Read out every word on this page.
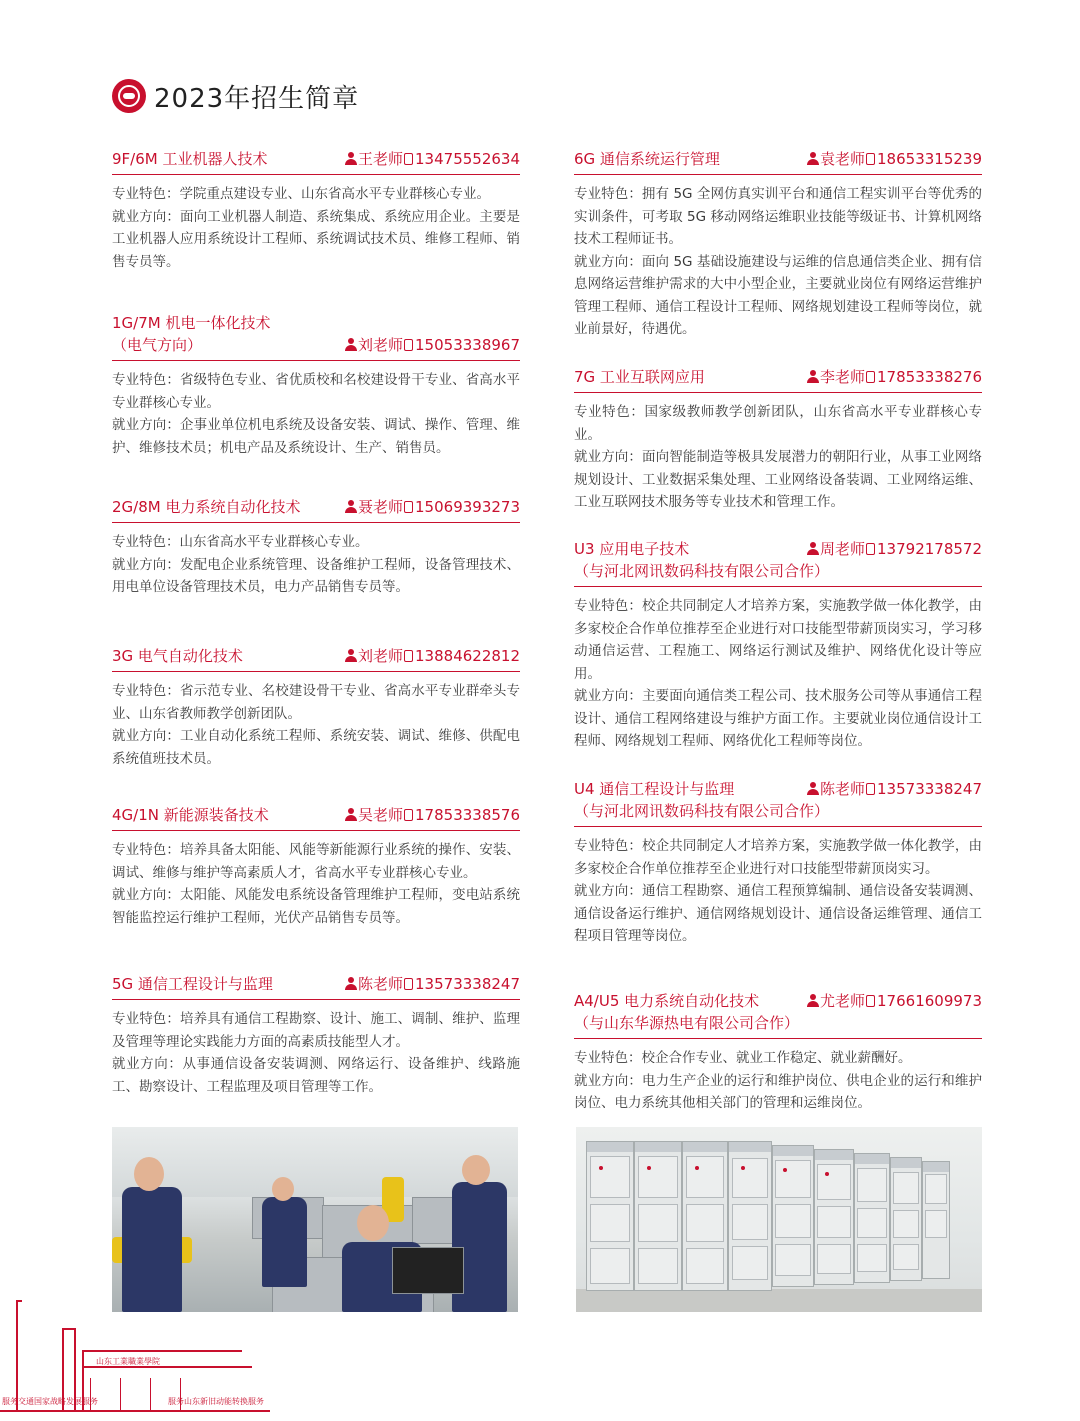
2023年招生简章
9F/6M 工业机器人技术	王老师 13475552634

专业特色：学院重点建设专业、山东省高水平专业群核心专业。

就业方向：面向工业机器人制造、系统集成、系统应用企业。主要是工业机器人应用系统设计工程师、系统调试技术员、维修工程师、销售专员等。

1G/7M 机电一体化技术
（电气方向）	刘老师 15053338967

专业特色：省级特色专业、省优质校和名校建设骨干专业、省高水平专业群核心专业。

就业方向：企事业单位机电系统及设备安装、调试、操作、管理、维护、维修技术员；机电产品及系统设计、生产、销售员。

2G/8M 电力系统自动化技术	聂老师 15069393273

专业特色：山东省高水平专业群核心专业。

就业方向：发配电企业系统管理、设备维护工程师，设备管理技术、用电单位设备管理技术员，电力产品销售专员等。

3G 电气自动化技术	刘老师 13884622812

专业特色：省示范专业、名校建设骨干专业、省高水平专业群牵头专业、山东省教师教学创新团队。

就业方向：工业自动化系统工程师、系统安装、调试、维修、供配电系统值班技术员。

4G/1N 新能源装备技术	吴老师 17853338576

专业特色：培养具备太阳能、风能等新能源行业系统的操作、安装、调试、维修与维护等高素质人才，省高水平专业群核心专业。

就业方向：太阳能、风能发电系统设备管理维护工程师，变电站系统智能监控运行维护工程师，光伏产品销售专员等。

5G 通信工程设计与监理	陈老师 13573338247

专业特色：培养具有通信工程勘察、设计、施工、调制、维护、监理及管理等理论实践能力方面的高素质技能型人才。

就业方向：从事通信设备安装调测、网络运行、设备维护、线路施工、勘察设计、工程监理及项目管理等工作。

6G 通信系统运行管理	袁老师 18653315239

专业特色：拥有 5G 全网仿真实训平台和通信工程实训平台等优秀的实训条件，可考取 5G 移动网络运维职业技能等级证书、计算机网络技术工程师证书。

就业方向：面向 5G 基础设施建设与运维的信息通信类企业、拥有信息网络运营维护需求的大中小型企业，主要就业岗位有网络运营维护管理工程师、通信工程设计工程师、网络规划建设工程师等岗位，就业前景好，待遇优。

7G 工业互联网应用	李老师 17853338276

专业特色：国家级教师教学创新团队，山东省高水平专业群核心专业。

就业方向：面向智能制造等极具发展潜力的朝阳行业，从事工业网络规划设计、工业数据采集处理、工业网络设备装调、工业网络运维、工业互联网技术服务等专业技术和管理工作。

U3 应用电子技术
（与河北网讯数码科技有限公司合作）
周老师 13792178572

专业特色：校企共同制定人才培养方案，实施教学做一体化教学，由多家校企合作单位推荐至企业进行对口技能型带薪顶岗实习，学习移动通信运营、工程施工、网络运行测试及维护、网络优化设计等应用。

就业方向：主要面向通信类工程公司、技术服务公司等从事通信工程设计、通信工程网络建设与维护方面工作。主要就业岗位通信设计工程师、网络规划工程师、网络优化工程师等岗位。

U4 通信工程设计与监理
（与河北网讯数码科技有限公司合作）
陈老师 13573338247

专业特色：校企共同制定人才培养方案，实施教学做一体化教学，由多家校企合作单位推荐至企业进行对口技能型带薪顶岗实习。

就业方向：通信工程勘察、通信工程预算编制、通信设备安装调测、通信设备运行维护、通信网络规划设计、通信设备运维管理、通信工程项目管理等岗位。

A4/U5 电力系统自动化技术
（与山东华源热电有限公司合作）
尤老师 17661609973

专业特色：校企合作专业、就业工作稳定、就业薪酬好。

就业方向：电力生产企业的运行和维护岗位、供电企业的运行和维护岗位、电力系统其他相关部门的管理和运维岗位。

山东工業職業學院
服务交通国家战略发展服务	服务山东新旧动能转换服务
